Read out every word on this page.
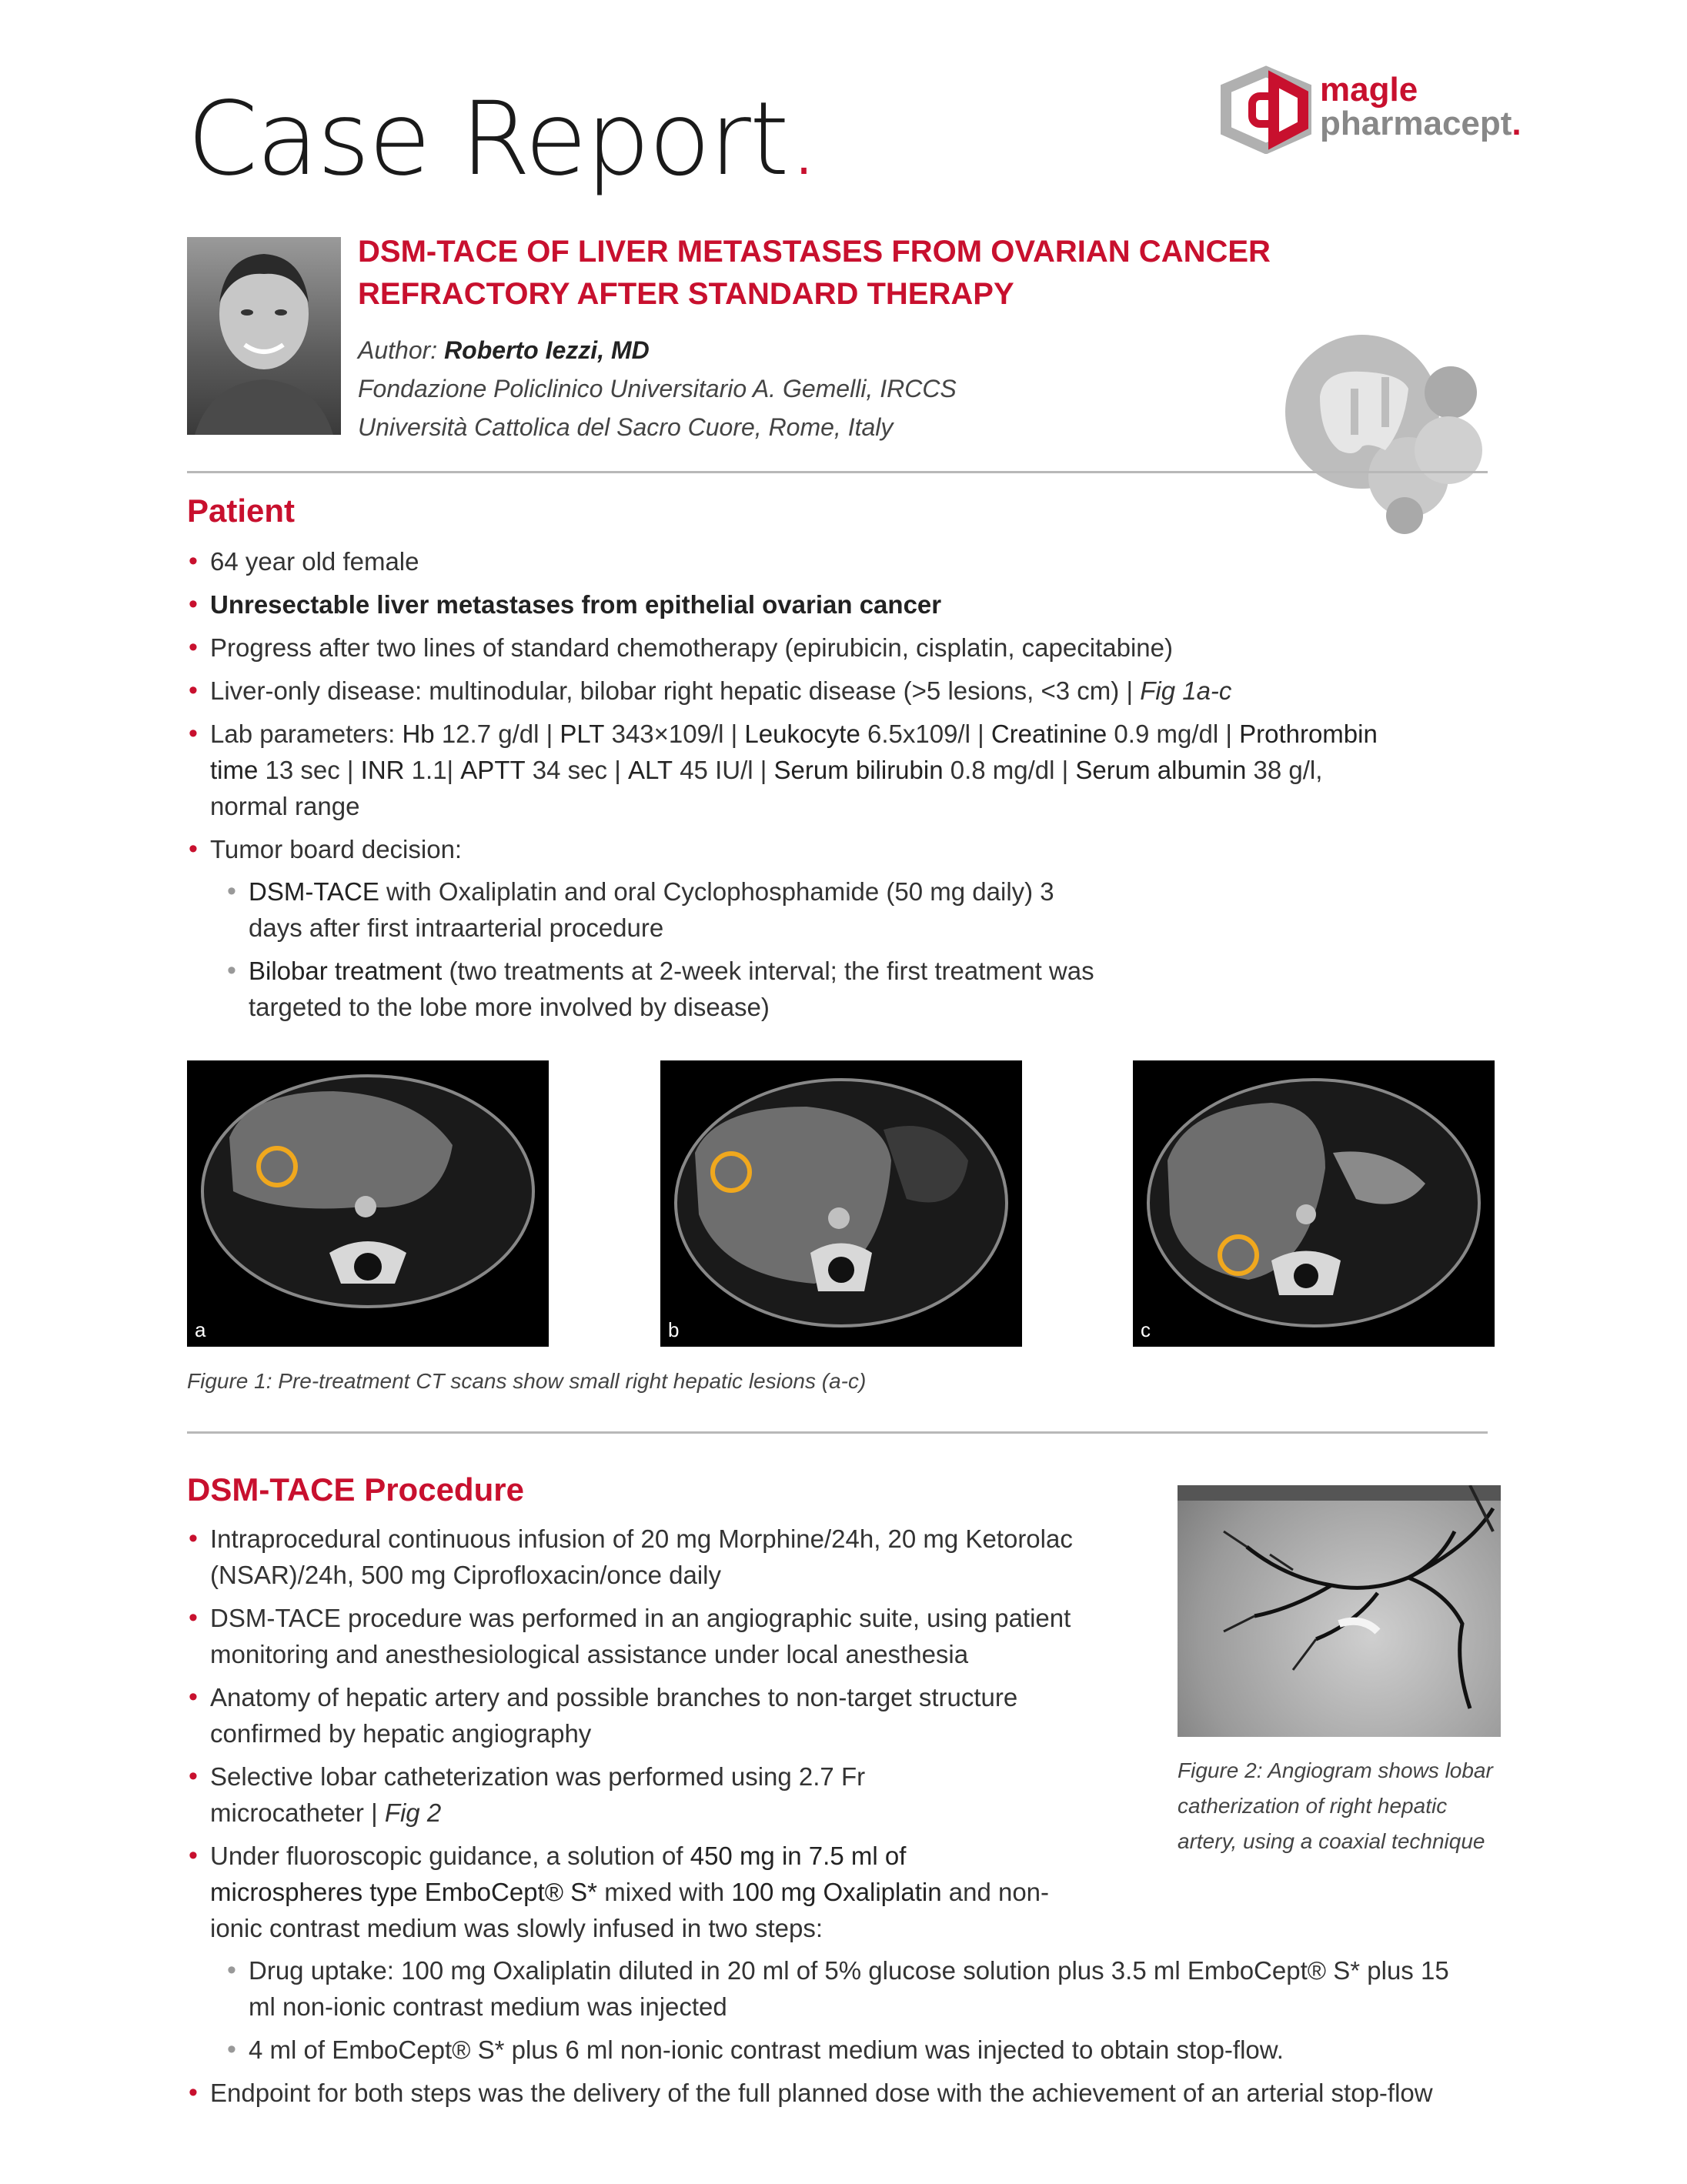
Case Report.	magle
pharmacept.
DSM-TACE OF LIVER METASTASES FROM OVARIAN CANCER
REFRACTORY AFTER STANDARD THERAPY
Author: Roberto Iezzi, MD
Fondazione Policlinico Universitario A. Gemelli, IRCCS
Università Cattolica del Sacro Cuore, Rome, Italy
Patient
• 64 year old female
• Unresectable liver metastases from epithelial ovarian cancer
• Progress after two lines of standard chemotherapy (epirubicin, cisplatin, capecitabine)
• Liver-only disease: multinodular, bilobar right hepatic disease (>5 lesions, <3 cm) | Fig 1a-c
• Lab parameters: Hb 12.7 g/dl | PLT 343×109/l | Leukocyte 6.5x109/l | Creatinine 0.9 mg/dl | Prothrombin time 13 sec | INR 1.1| APTT 34 sec | ALT 45 IU/l | Serum bilirubin 0.8 mg/dl | Serum albumin 38 g/l, normal range
• Tumor board decision:
• DSM-TACE with Oxaliplatin and oral Cyclophosphamide (50 mg daily) 3 days after first intraarterial procedure
• Bilobar treatment (two treatments at 2-week interval; the first treatment was targeted to the lobe more involved by disease)
a	b	c
Figure 1: Pre-treatment CT scans show small right hepatic lesions (a-c)
DSM-TACE Procedure
• Intraprocedural continuous infusion of 20 mg Morphine/24h, 20 mg Ketorolac (NSAR)/24h, 500 mg Ciprofloxacin/once daily
• DSM-TACE procedure was performed in an angiographic suite, using patient monitoring and anesthesiological assistance under local anesthesia
• Anatomy of hepatic artery and possible branches to non-target structure confirmed by hepatic angiography
• Selective lobar catheterization was performed using 2.7 Fr microcatheter | Fig 2
• Under fluoroscopic guidance, a solution of 450 mg in 7.5 ml of microspheres type EmboCept® S* mixed with 100 mg Oxaliplatin and non-ionic contrast medium was slowly infused in two steps:
• Drug uptake: 100 mg Oxaliplatin diluted in 20 ml of 5% glucose solution plus 3.5 ml EmboCept® S* plus 15 ml non-ionic contrast medium was injected
• 4 ml of EmboCept® S* plus 6 ml non-ionic contrast medium was injected to obtain stop-flow.
• Endpoint for both steps was the delivery of the full planned dose with the achievement of an arterial stop-flow
Figure 2: Angiogram shows lobar catherization of right hepatic artery, using a coaxial technique
